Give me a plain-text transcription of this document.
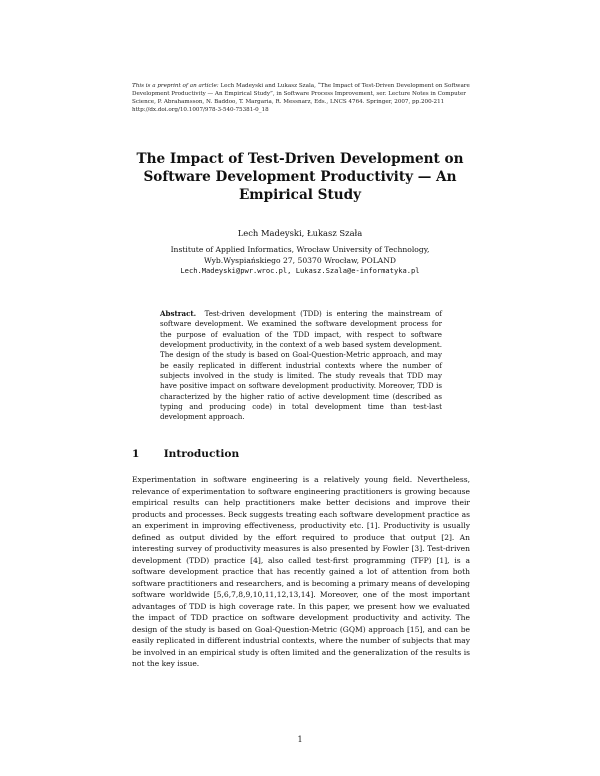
This is a preprint of an article: Lech Madeyski and Lukasz Szala, “The Impact of Test-Driven Development on Software Development Productivity — An Empirical Study”, in Software Process Improvement, ser. Lecture Notes in Computer Science, P. Abrahamsson, N. Baddoo, T. Margaria, R. Messnarz, Eds., LNCS 4764. Springer, 2007, pp.200-211
http://dx.doi.org/10.1007/978-3-540-75381-0_18
The Impact of Test-Driven Development on Software Development Productivity — An Empirical Study
Lech Madeyski, Łukasz Szała
Institute of Applied Informatics, Wrocław University of Technology,
Wyb.Wyspiańskiego 27, 50370 Wrocław, POLAND
Lech.Madeyski@pwr.wroc.pl, Lukasz.Szala@e-informatyka.pl
Abstract. Test-driven development (TDD) is entering the mainstream of software development. We examined the software development process for the purpose of evaluation of the TDD impact, with respect to software development productivity, in the context of a web based system development. The design of the study is based on Goal-Question-Metric approach, and may be easily replicated in different industrial contexts where the number of subjects involved in the study is limited. The study reveals that TDD may have positive impact on software development productivity. Moreover, TDD is characterized by the higher ratio of active development time (described as typing and producing code) in total development time than test-last development approach.
1 Introduction
Experimentation in software engineering is a relatively young field. Nevertheless, relevance of experimentation to software engineering practitioners is growing because empirical results can help practitioners make better decisions and improve their products and processes. Beck suggests treating each software development practice as an experiment in improving effectiveness, productivity etc. [1]. Productivity is usually defined as output divided by the effort required to produce that output [2]. An interesting survey of productivity measures is also presented by Fowler [3]. Test-driven development (TDD) practice [4], also called test-first programming (TFP) [1], is a software development practice that has recently gained a lot of attention from both software practitioners and researchers, and is becoming a primary means of developing software worldwide [5,6,7,8,9,10,11,12,13,14]. Moreover, one of the most important advantages of TDD is high coverage rate. In this paper, we present how we evaluated the impact of TDD practice on software development productivity and activity. The design of the study is based on Goal-Question-Metric (GQM) approach [15], and can be easily replicated in different industrial contexts, where the number of subjects that may be involved in an empirical study is often limited and the generalization of the results is not the key issue.
1
